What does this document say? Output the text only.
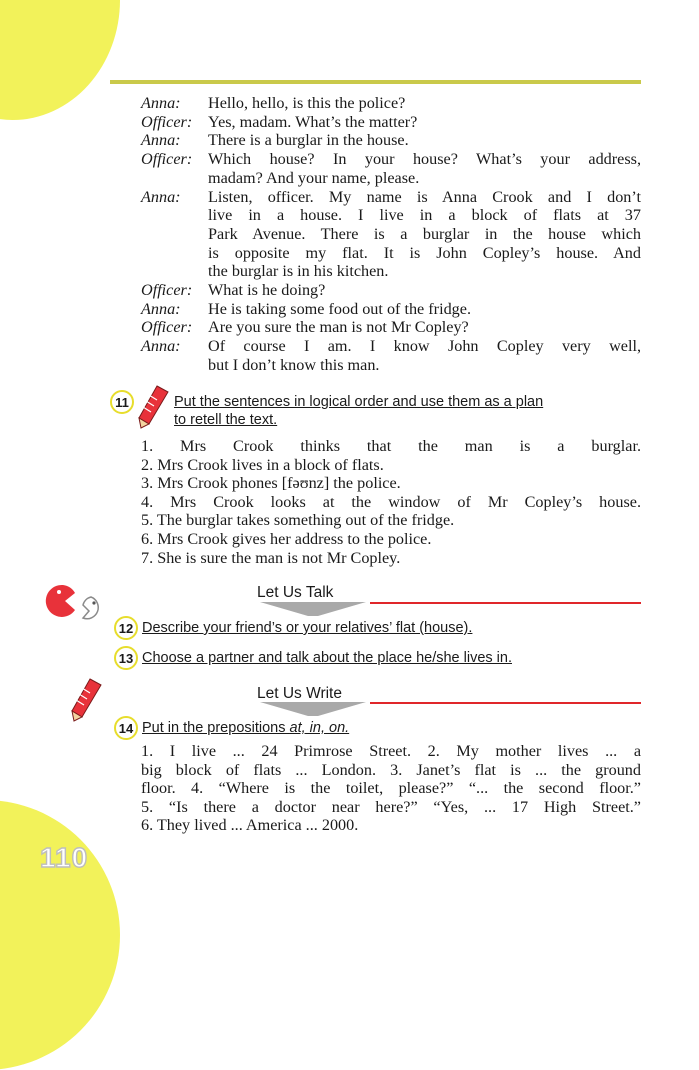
110
Anna:	Hello, hello, is this the police?
Officer: Yes, madam. What’s the matter?
Anna:	There is a burglar in the house.
Officer: Which house? In your house? What’s your address,
madam? And your name, please.
Anna:	Listen, officer. My name is Anna Crook and I don’t
live in a house. I live in a block of flats at 37
Park Avenue. There is a burglar in the house which
is opposite my flat. It is John Copley’s house. And
the burglar is in his kitchen.
Officer: What is he doing?
Anna:	He is taking some food out of the fridge.
Officer: Are you sure the man is not Mr Copley?
Anna:	Of course I am. I know John Copley very well,
but I don’t know this man.
11	Put the sentences in logical order and use them as a plan
to retell the text.
1. Mrs Crook thinks that the man is a burglar.
2. Mrs Crook lives in a block of flats.
3. Mrs Crook phones [fəʊnz] the police.
4. Mrs Crook looks at the window of Mr Copley’s house.
5. The burglar takes something out of the fridge.
6. Mrs Crook gives her address to the police.
7. She is sure the man is not Mr Copley.
Let Us Talk
12 Describe your friend’s or your relatives’ flat (house).
13 Choose a partner and talk about the place he/she lives in.
Let Us Write
14 Put in the prepositions at, in, on.
1. I live ... 24 Primrose Street. 2. My mother lives ... a
big block of flats ... London. 3. Janet’s flat is ... the ground
floor. 4. “Where is the toilet, please?” “... the second floor.”
5. “Is there a doctor near here?” “Yes, ... 17 High Street.”
6. They lived ... America ... 2000.
